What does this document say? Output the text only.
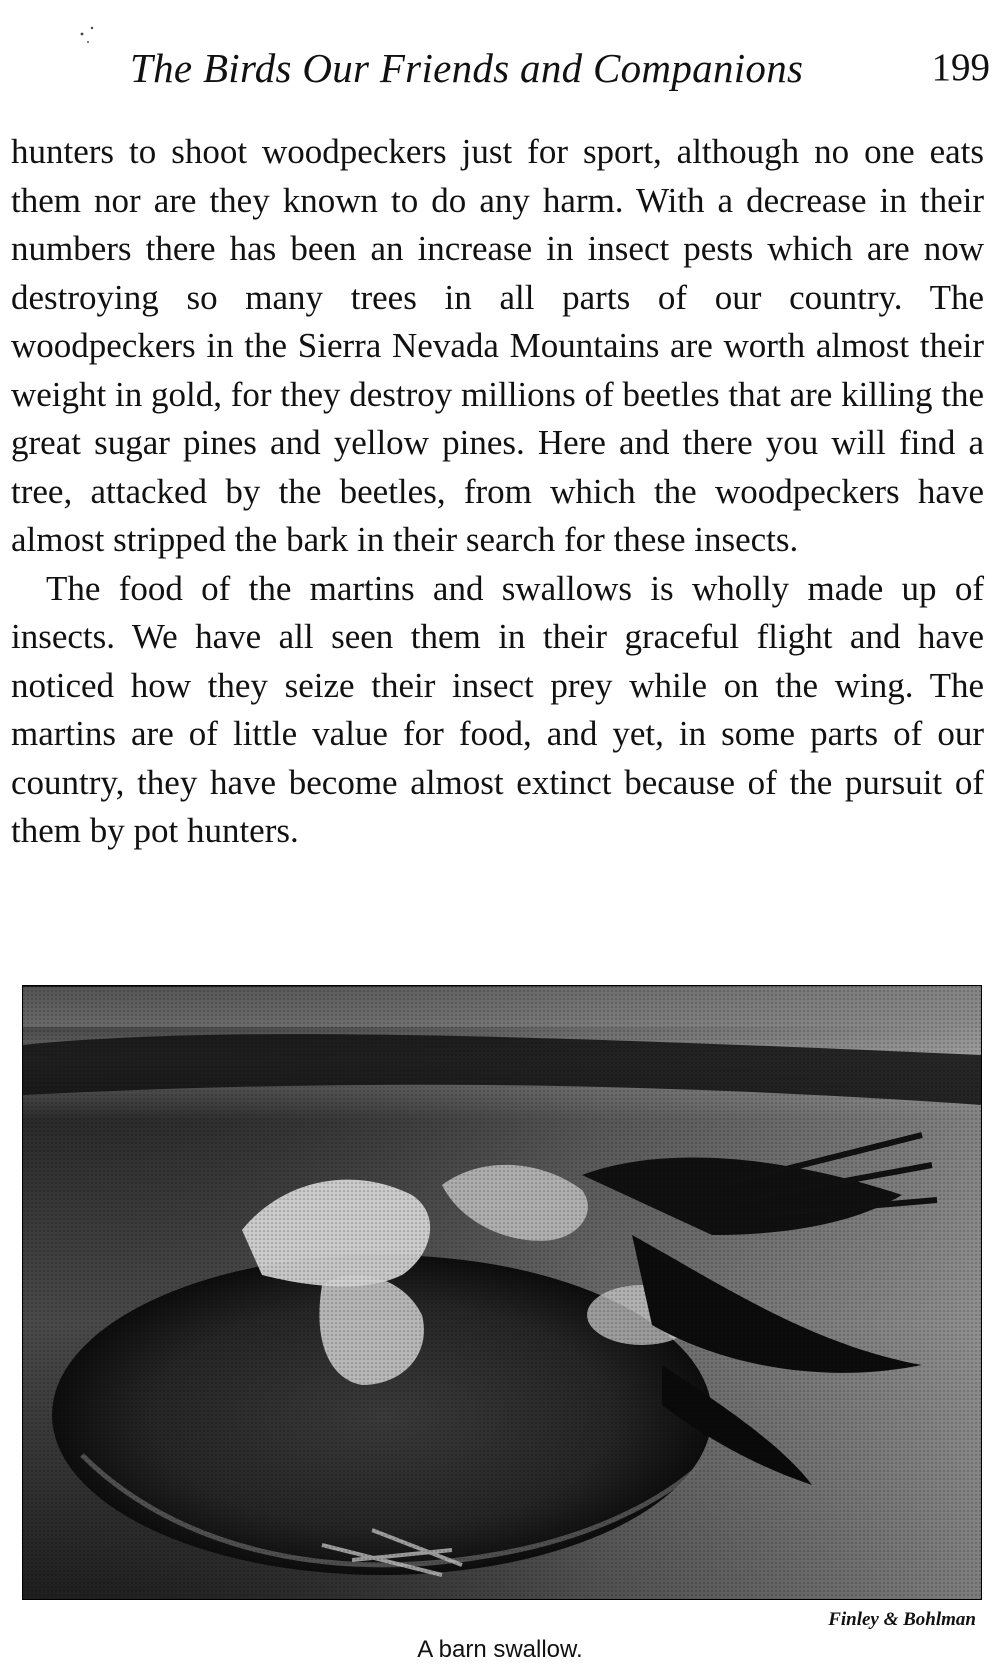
The Birds Our Friends and Companions	199

hunters to shoot woodpeckers just for sport, although no one eats them nor are they known to do any harm. With a decrease in their numbers there has been an increase in insect pests which are now destroying so many trees in all parts of our country. The woodpeckers in the Sierra Nevada Mountains are worth almost their weight in gold, for they destroy millions of beetles that are killing the great sugar pines and yellow pines. Here and there you will find a tree, attacked by the beetles, from which the woodpeckers have almost stripped the bark in their search for these insects.

The food of the martins and swallows is wholly made up of insects. We have all seen them in their graceful flight and have noticed how they seize their insect prey while on the wing. The martins are of little value for food, and yet, in some parts of our country, they have become almost extinct because of the pursuit of them by pot hunters.

Finley & Bohlman
A barn swallow.
